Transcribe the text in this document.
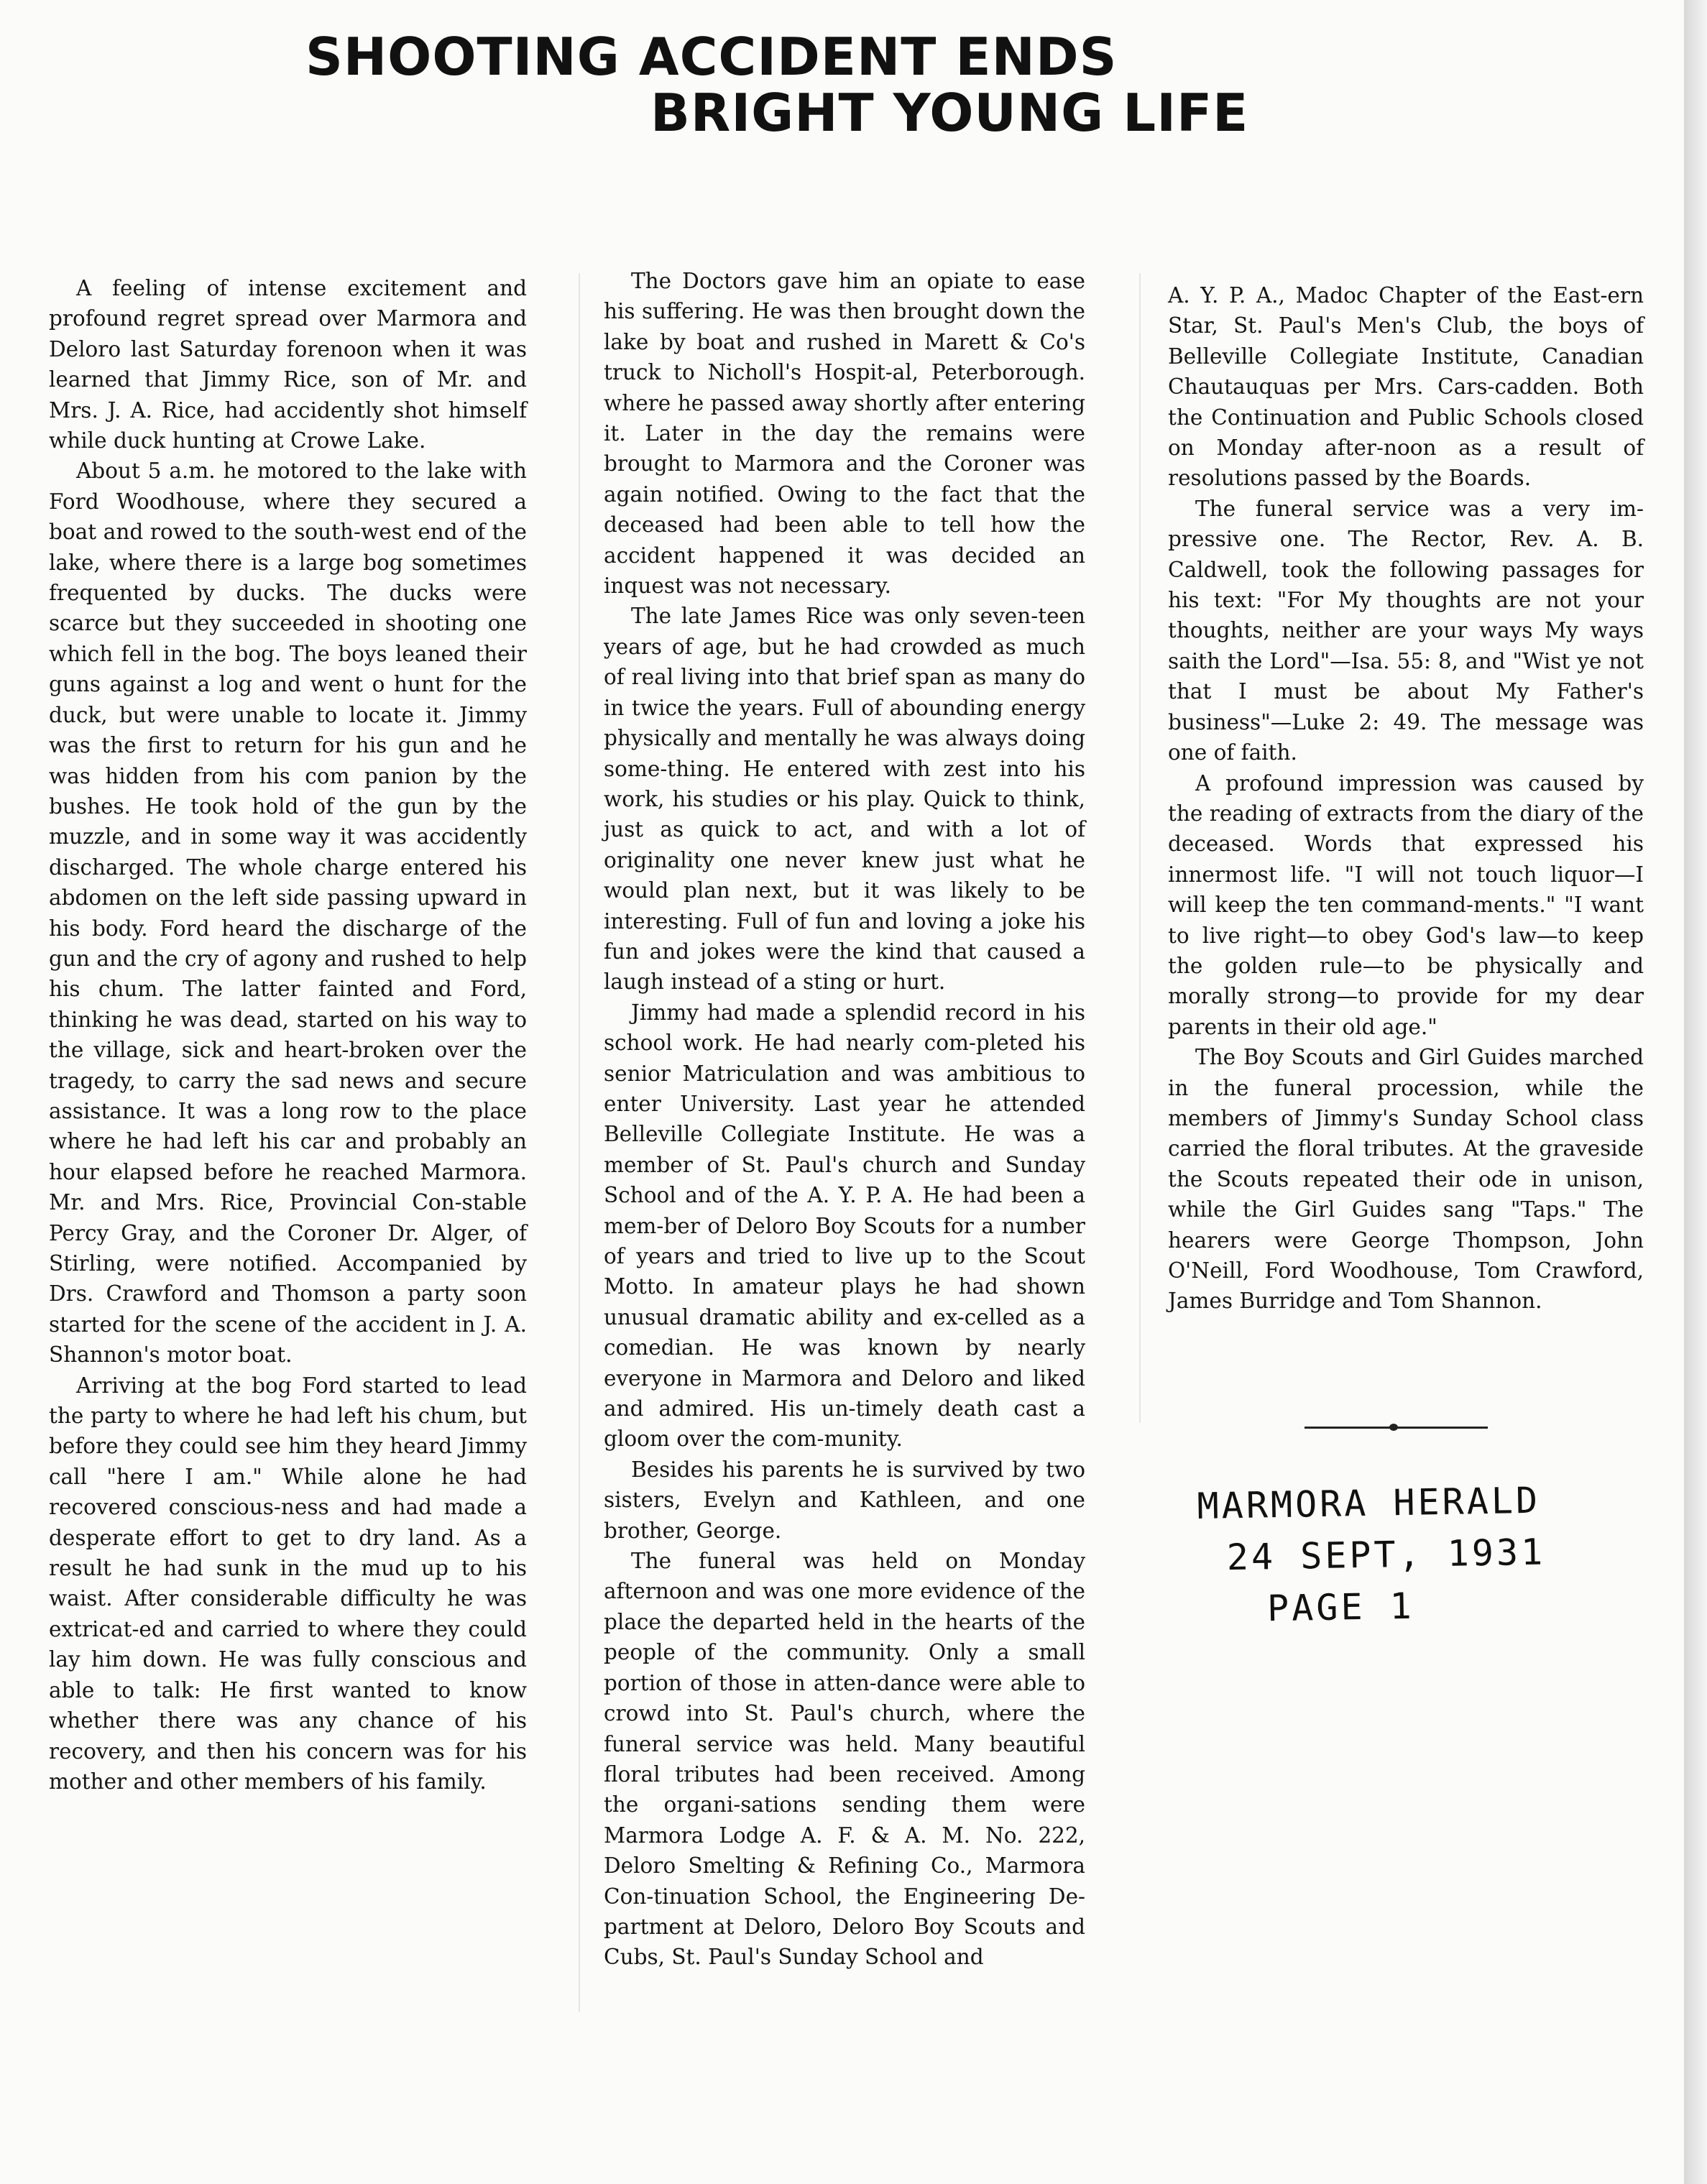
SHOOTING ACCIDENT ENDS
BRIGHT YOUNG LIFE

A feeling of intense excitement and profound regret spread over Marmora and Deloro last Saturday forenoon when it was learned that Jimmy Rice, son of Mr. and Mrs. J. A. Rice, had accidently shot himself while duck hunting at Crowe Lake.

About 5 a.m. he motored to the lake with Ford Woodhouse, where they secured a boat and rowed to the south-west end of the lake, where there is a large bog sometimes frequented by ducks. The ducks were scarce but they succeeded in shooting one which fell in the bog. The boys leaned their guns against a log and went o hunt for the duck, but were unable to locate it. Jimmy was the first to return for his gun and he was hidden from his com panion by the bushes. He took hold of the gun by the muzzle, and in some way it was accidently discharged. The whole charge entered his abdomen on the left side passing upward in his body. Ford heard the discharge of the gun and the cry of agony and rushed to help his chum. The latter fainted and Ford, thinking he was dead, started on his way to the village, sick and heart-broken over the tragedy, to carry the sad news and secure assistance. It was a long row to the place where he had left his car and probably an hour elapsed before he reached Marmora. Mr. and Mrs. Rice, Provincial Con-stable Percy Gray, and the Coroner Dr. Alger, of Stirling, were notified. Accompanied by Drs. Crawford and Thomson a party soon started for the scene of the accident in J. A. Shannon's motor boat.

Arriving at the bog Ford started to lead the party to where he had left his chum, but before they could see him they heard Jimmy call "here I am." While alone he had recovered conscious-ness and had made a desperate effort to get to dry land. As a result he had sunk in the mud up to his waist. After considerable difficulty he was extricat-ed and carried to where they could lay him down. He was fully conscious and able to talk: He first wanted to know whether there was any chance of his recovery, and then his concern was for his mother and other members of his family.

The Doctors gave him an opiate to ease his suffering. He was then brought down the lake by boat and rushed in Marett & Co's truck to Nicholl's Hospit-al, Peterborough. where he passed away shortly after entering it. Later in the day the remains were brought to Marmora and the Coroner was again notified. Owing to the fact that the deceased had been able to tell how the accident happened it was decided an inquest was not necessary.

The late James Rice was only seven-teen years of age, but he had crowded as much of real living into that brief span as many do in twice the years. Full of abounding energy physically and mentally he was always doing some-thing. He entered with zest into his work, his studies or his play. Quick to think, just as quick to act, and with a lot of originality one never knew just what he would plan next, but it was likely to be interesting. Full of fun and loving a joke his fun and jokes were the kind that caused a laugh instead of a sting or hurt.

Jimmy had made a splendid record in his school work. He had nearly com-pleted his senior Matriculation and was ambitious to enter University. Last year he attended Belleville Collegiate Institute. He was a member of St. Paul's church and Sunday School and of the A. Y. P. A. He had been a mem-ber of Deloro Boy Scouts for a number of years and tried to live up to the Scout Motto. In amateur plays he had shown unusual dramatic ability and ex-celled as a comedian. He was known by nearly everyone in Marmora and Deloro and liked and admired. His un-timely death cast a gloom over the com-munity.

Besides his parents he is survived by two sisters, Evelyn and Kathleen, and one brother, George.

The funeral was held on Monday afternoon and was one more evidence of the place the departed held in the hearts of the people of the community. Only a small portion of those in atten-dance were able to crowd into St. Paul's church, where the funeral service was held. Many beautiful floral tributes had been received. Among the organi-sations sending them were Marmora Lodge A. F. & A. M. No. 222, Deloro Smelting & Refining Co., Marmora Con-tinuation School, the Engineering De-partment at Deloro, Deloro Boy Scouts and Cubs, St. Paul's Sunday School and

A. Y. P. A., Madoc Chapter of the East-ern Star, St. Paul's Men's Club, the boys of Belleville Collegiate Institute, Canadian Chautauquas per Mrs. Cars-cadden. Both the Continuation and Public Schools closed on Monday after-noon as a result of resolutions passed by the Boards.

The funeral service was a very im-pressive one. The Rector, Rev. A. B. Caldwell, took the following passages for his text: "For My thoughts are not your thoughts, neither are your ways My ways saith the Lord"—Isa. 55: 8, and "Wist ye not that I must be about My Father's business"—Luke 2: 49. The message was one of faith.

A profound impression was caused by the reading of extracts from the diary of the deceased. Words that expressed his innermost life. "I will not touch liquor—I will keep the ten command-ments." "I want to live right—to obey God's law—to keep the golden rule—to be physically and morally strong—to provide for my dear parents in their old age."

The Boy Scouts and Girl Guides marched in the funeral procession, while the members of Jimmy's Sunday School class carried the floral tributes. At the graveside the Scouts repeated their ode in unison, while the Girl Guides sang "Taps." The hearers were George Thompson, John O'Neill, Ford Woodhouse, Tom Crawford, James Burridge and Tom Shannon.

MARMORA HERALD
24 SEPT, 1931
PAGE 1
